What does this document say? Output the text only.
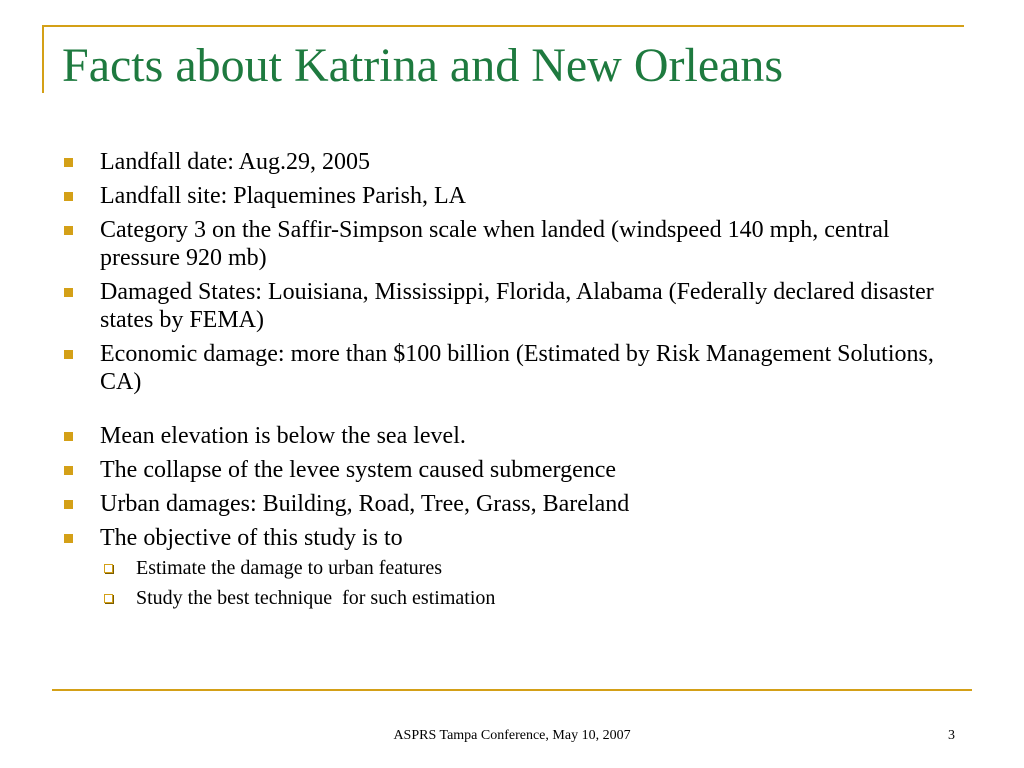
Facts about Katrina and New Orleans
Landfall date: Aug.29, 2005
Landfall site: Plaquemines Parish, LA
Category 3 on the Saffir-Simpson scale when landed (windspeed 140 mph, central pressure 920 mb)
Damaged States: Louisiana, Mississippi, Florida, Alabama (Federally declared disaster states by FEMA)
Economic damage: more than $100 billion (Estimated by Risk Management Solutions, CA)
Mean elevation is below the sea level.
The collapse of the levee system caused submergence
Urban damages: Building, Road, Tree, Grass, Bareland
The objective of this study is to
Estimate the damage to urban features
Study the best technique  for such estimation
ASPRS Tampa Conference, May 10, 2007	3
